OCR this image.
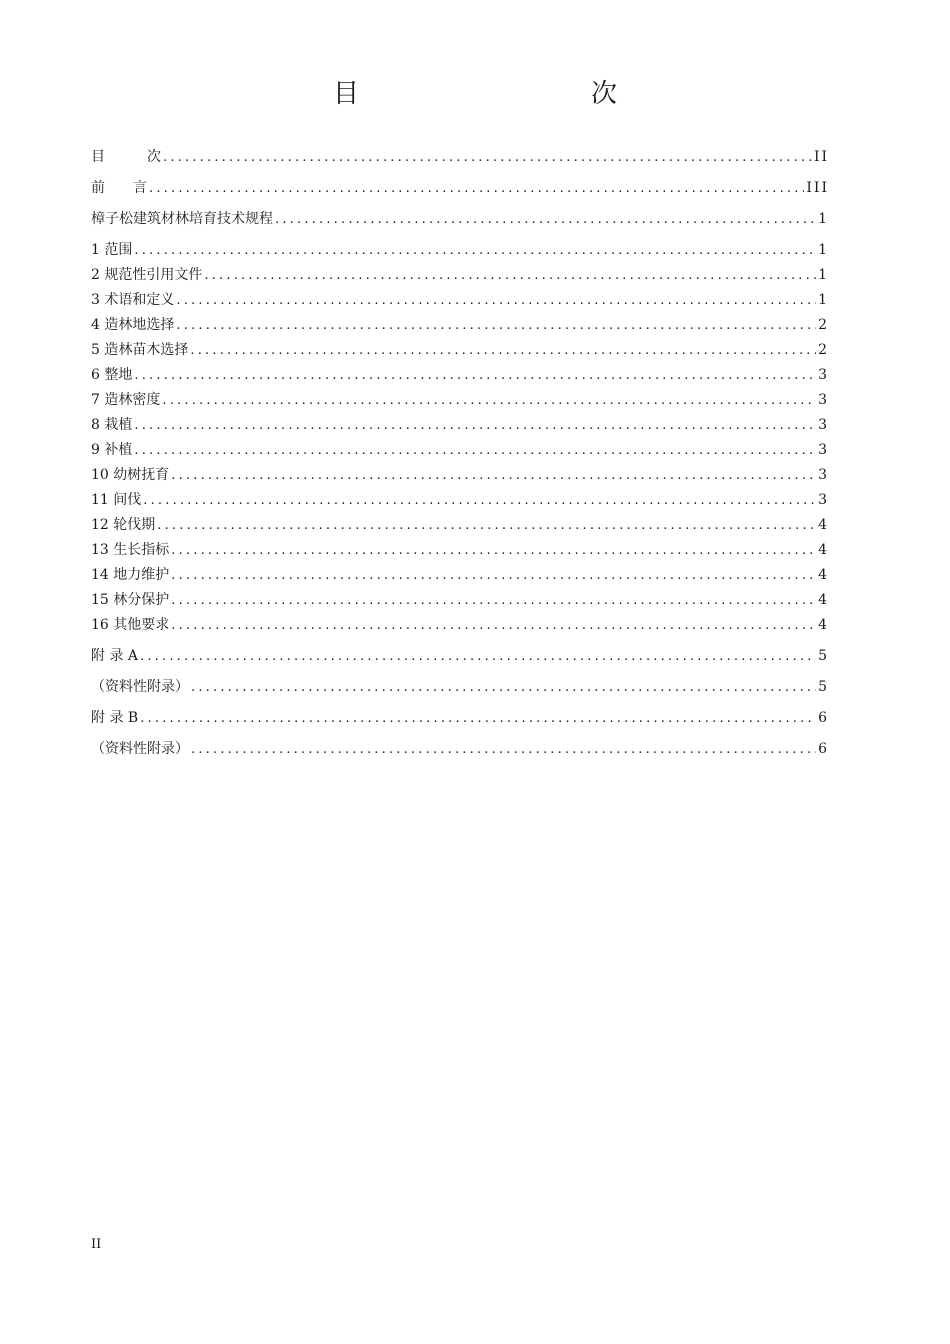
目　　次
目　　　次 .....	II
前　　言 .....	III
樟子松建筑材林培育技术规程 .....	1
1 范围 .....	1
2 规范性引用文件 .....	1
3 术语和定义 .....	1
4 造林地选择 .....	2
5 造林苗木选择 .....	2
6 整地 .....	3
7 造林密度 .....	3
8 栽植 .....	3
9 补植 .....	3
10 幼树抚育 .....	3
11 间伐 .....	3
12 轮伐期 .....	4
13 生长指标 .....	4
14 地力维护 .....	4
15 林分保护 .....	4
16 其他要求 .....	4
附 录 A .....	5
（资料性附录） .....	5
附 录 B .....	6
（资料性附录） .....	6
II
